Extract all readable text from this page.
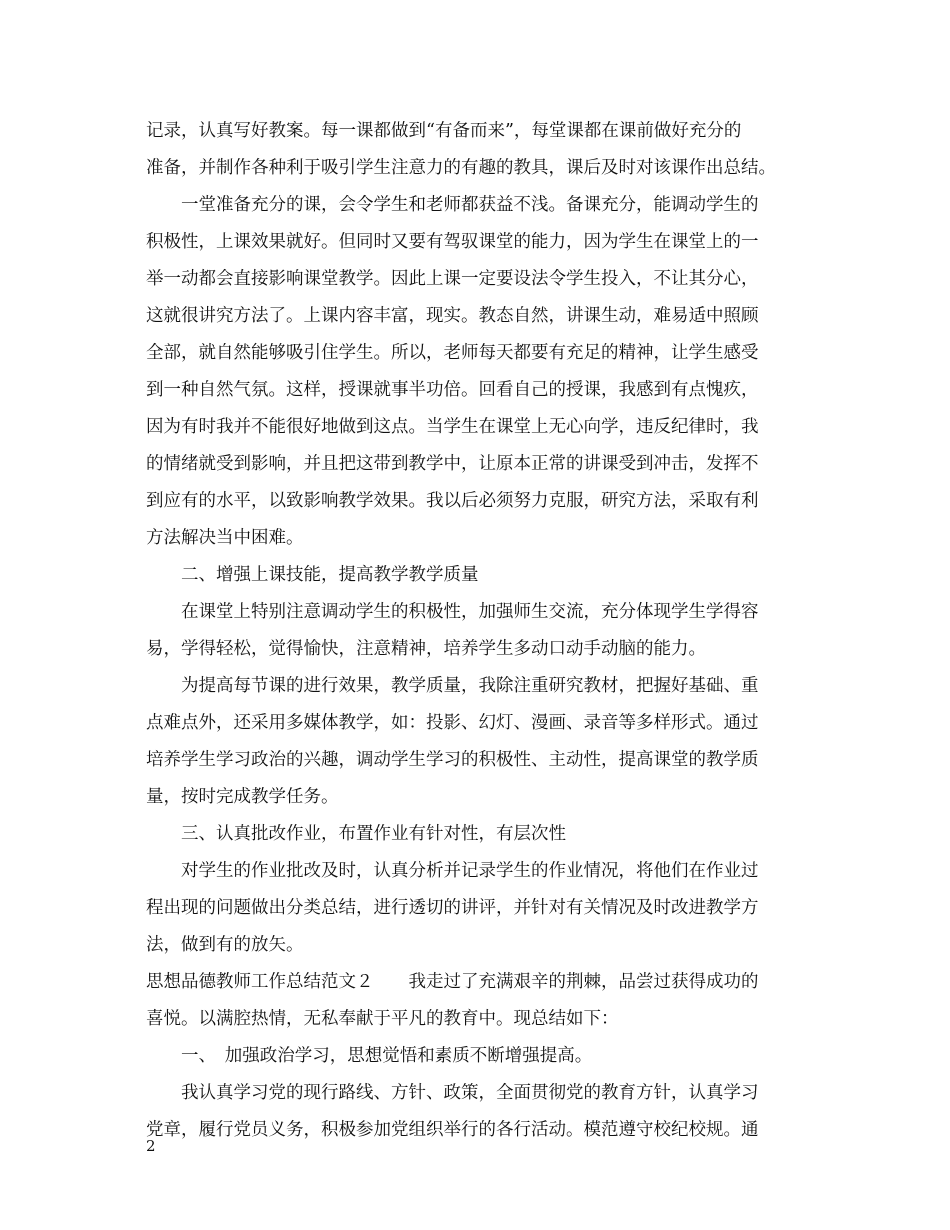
记录，认真写好教案。每一课都做到“有备而来”，每堂课都在课前做好充分的
准备，并制作各种利于吸引学生注意力的有趣的教具，课后及时对该课作出总结。
　　一堂准备充分的课，会令学生和老师都获益不浅。备课充分，能调动学生的
积极性，上课效果就好。但同时又要有驾驭课堂的能力，因为学生在课堂上的一
举一动都会直接影响课堂教学。因此上课一定要设法令学生投入，不让其分心，
这就很讲究方法了。上课内容丰富，现实。教态自然，讲课生动，难易适中照顾
全部，就自然能够吸引住学生。所以，老师每天都要有充足的精神，让学生感受
到一种自然气氛。这样，授课就事半功倍。回看自己的授课，我感到有点愧疚，
因为有时我并不能很好地做到这点。当学生在课堂上无心向学，违反纪律时，我
的情绪就受到影响，并且把这带到教学中，让原本正常的讲课受到冲击，发挥不
到应有的水平，以致影响教学效果。我以后必须努力克服，研究方法，采取有利
方法解决当中困难。
　　二、增强上课技能，提高教学教学质量
　　在课堂上特别注意调动学生的积极性，加强师生交流，充分体现学生学得容
易，学得轻松，觉得愉快，注意精神，培养学生多动口动手动脑的能力。
　　为提高每节课的进行效果，教学质量，我除注重研究教材，把握好基础、重
点难点外，还采用多媒体教学，如：投影、幻灯、漫画、录音等多样形式。通过
培养学生学习政治的兴趣，调动学生学习的积极性、主动性，提高课堂的教学质
量，按时完成教学任务。
　　三、认真批改作业，布置作业有针对性，有层次性
　　对学生的作业批改及时，认真分析并记录学生的作业情况，将他们在作业过
程出现的问题做出分类总结，进行透切的讲评，并针对有关情况及时改进教学方
法，做到有的放矢。
思想品德教师工作总结范文２　　我走过了充满艰辛的荆棘，品尝过获得成功的
喜悦。以满腔热情，无私奉献于平凡的教育中。现总结如下：
　　一、　加强政治学习，思想觉悟和素质不断增强提高。
　　我认真学习党的现行路线、方针、政策，全面贯彻党的教育方针，认真学习
党章，履行党员义务，积极参加党组织举行的各行活动。模范遵守校纪校规。通
2
